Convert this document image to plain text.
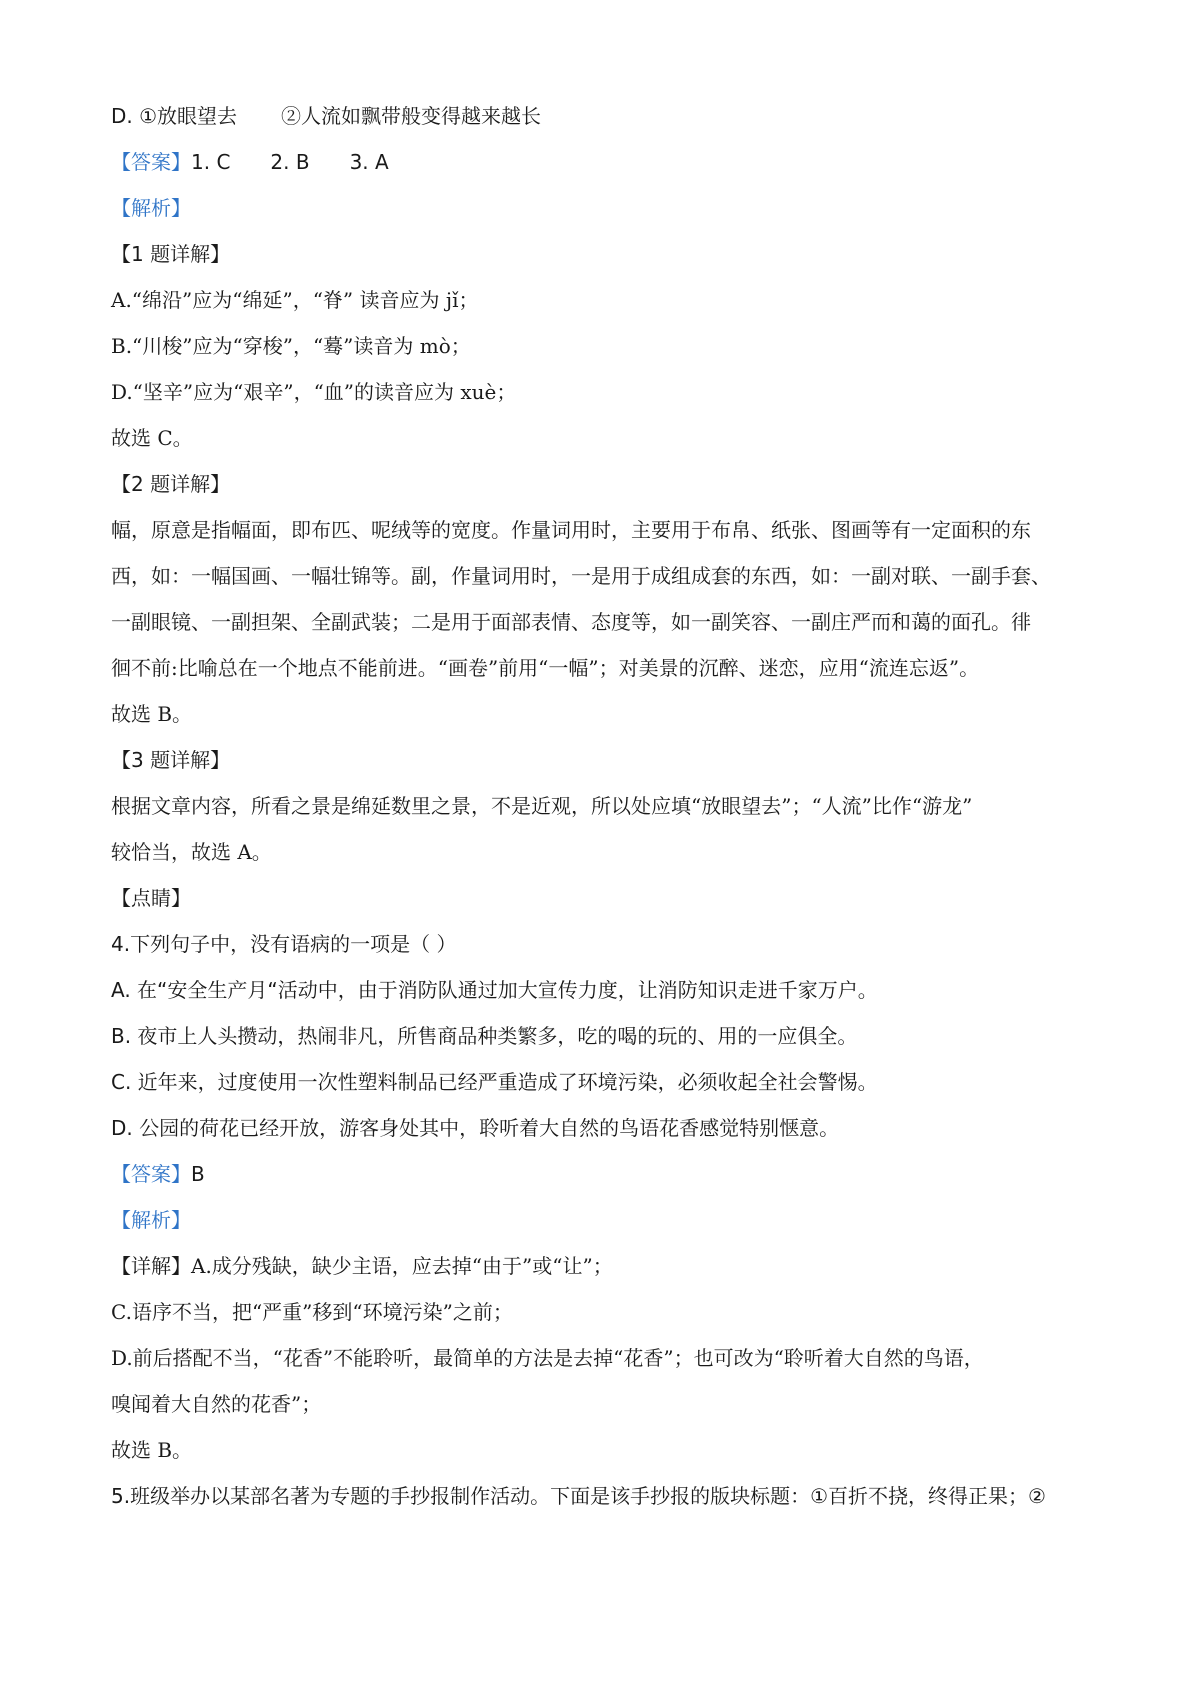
D. ①放眼望去 ②人流如飘带般变得越来越长
【答案】1. C 2. B 3. A
【解析】
【1 题详解】
A.“绵沿”应为“绵延”，“脊” 读音应为 jǐ；
B.“川梭”应为“穿梭”，“蓦”读音为 mò；
D.“坚辛”应为“艰辛”，“血”的读音应为 xuè；
故选 C。
【2 题详解】
幅，原意是指幅面，即布匹、呢绒等的宽度。作量词用时，主要用于布帛、纸张、图画等有一定面积的东
西，如：一幅国画、一幅壮锦等。副，作量词用时，一是用于成组成套的东西，如：一副对联、一副手套、
一副眼镜、一副担架、全副武装；二是用于面部表情、态度等，如一副笑容、一副庄严而和蔼的面孔。徘
徊不前:比喻总在一个地点不能前进。“画卷”前用“一幅”；对美景的沉醉、迷恋，应用“流连忘返”。
故选 B。
【3 题详解】
根据文章内容，所看之景是绵延数里之景，不是近观，所以处应填“放眼望去”；“人流”比作“游龙”
较恰当，故选 A。
【点睛】
4.下列句子中，没有语病的一项是（ ）
A. 在“安全生产月“活动中，由于消防队通过加大宣传力度，让消防知识走进千家万户。
B. 夜市上人头攒动，热闹非凡，所售商品种类繁多，吃的喝的玩的、用的一应俱全。
C. 近年来，过度使用一次性塑料制品已经严重造成了环境污染，必须收起全社会警惕。
D. 公园的荷花已经开放，游客身处其中，聆听着大自然的鸟语花香感觉特别惬意。
【答案】B
【解析】
【详解】A.成分残缺，缺少主语，应去掉“由于”或“让”；
C.语序不当，把“严重”移到“环境污染”之前；
D.前后搭配不当，“花香”不能聆听，最简单的方法是去掉“花香”；也可改为“聆听着大自然的鸟语，
嗅闻着大自然的花香”；
故选 B。
5.班级举办以某部名著为专题的手抄报制作活动。下面是该手抄报的版块标题：①百折不挠，终得正果；②
